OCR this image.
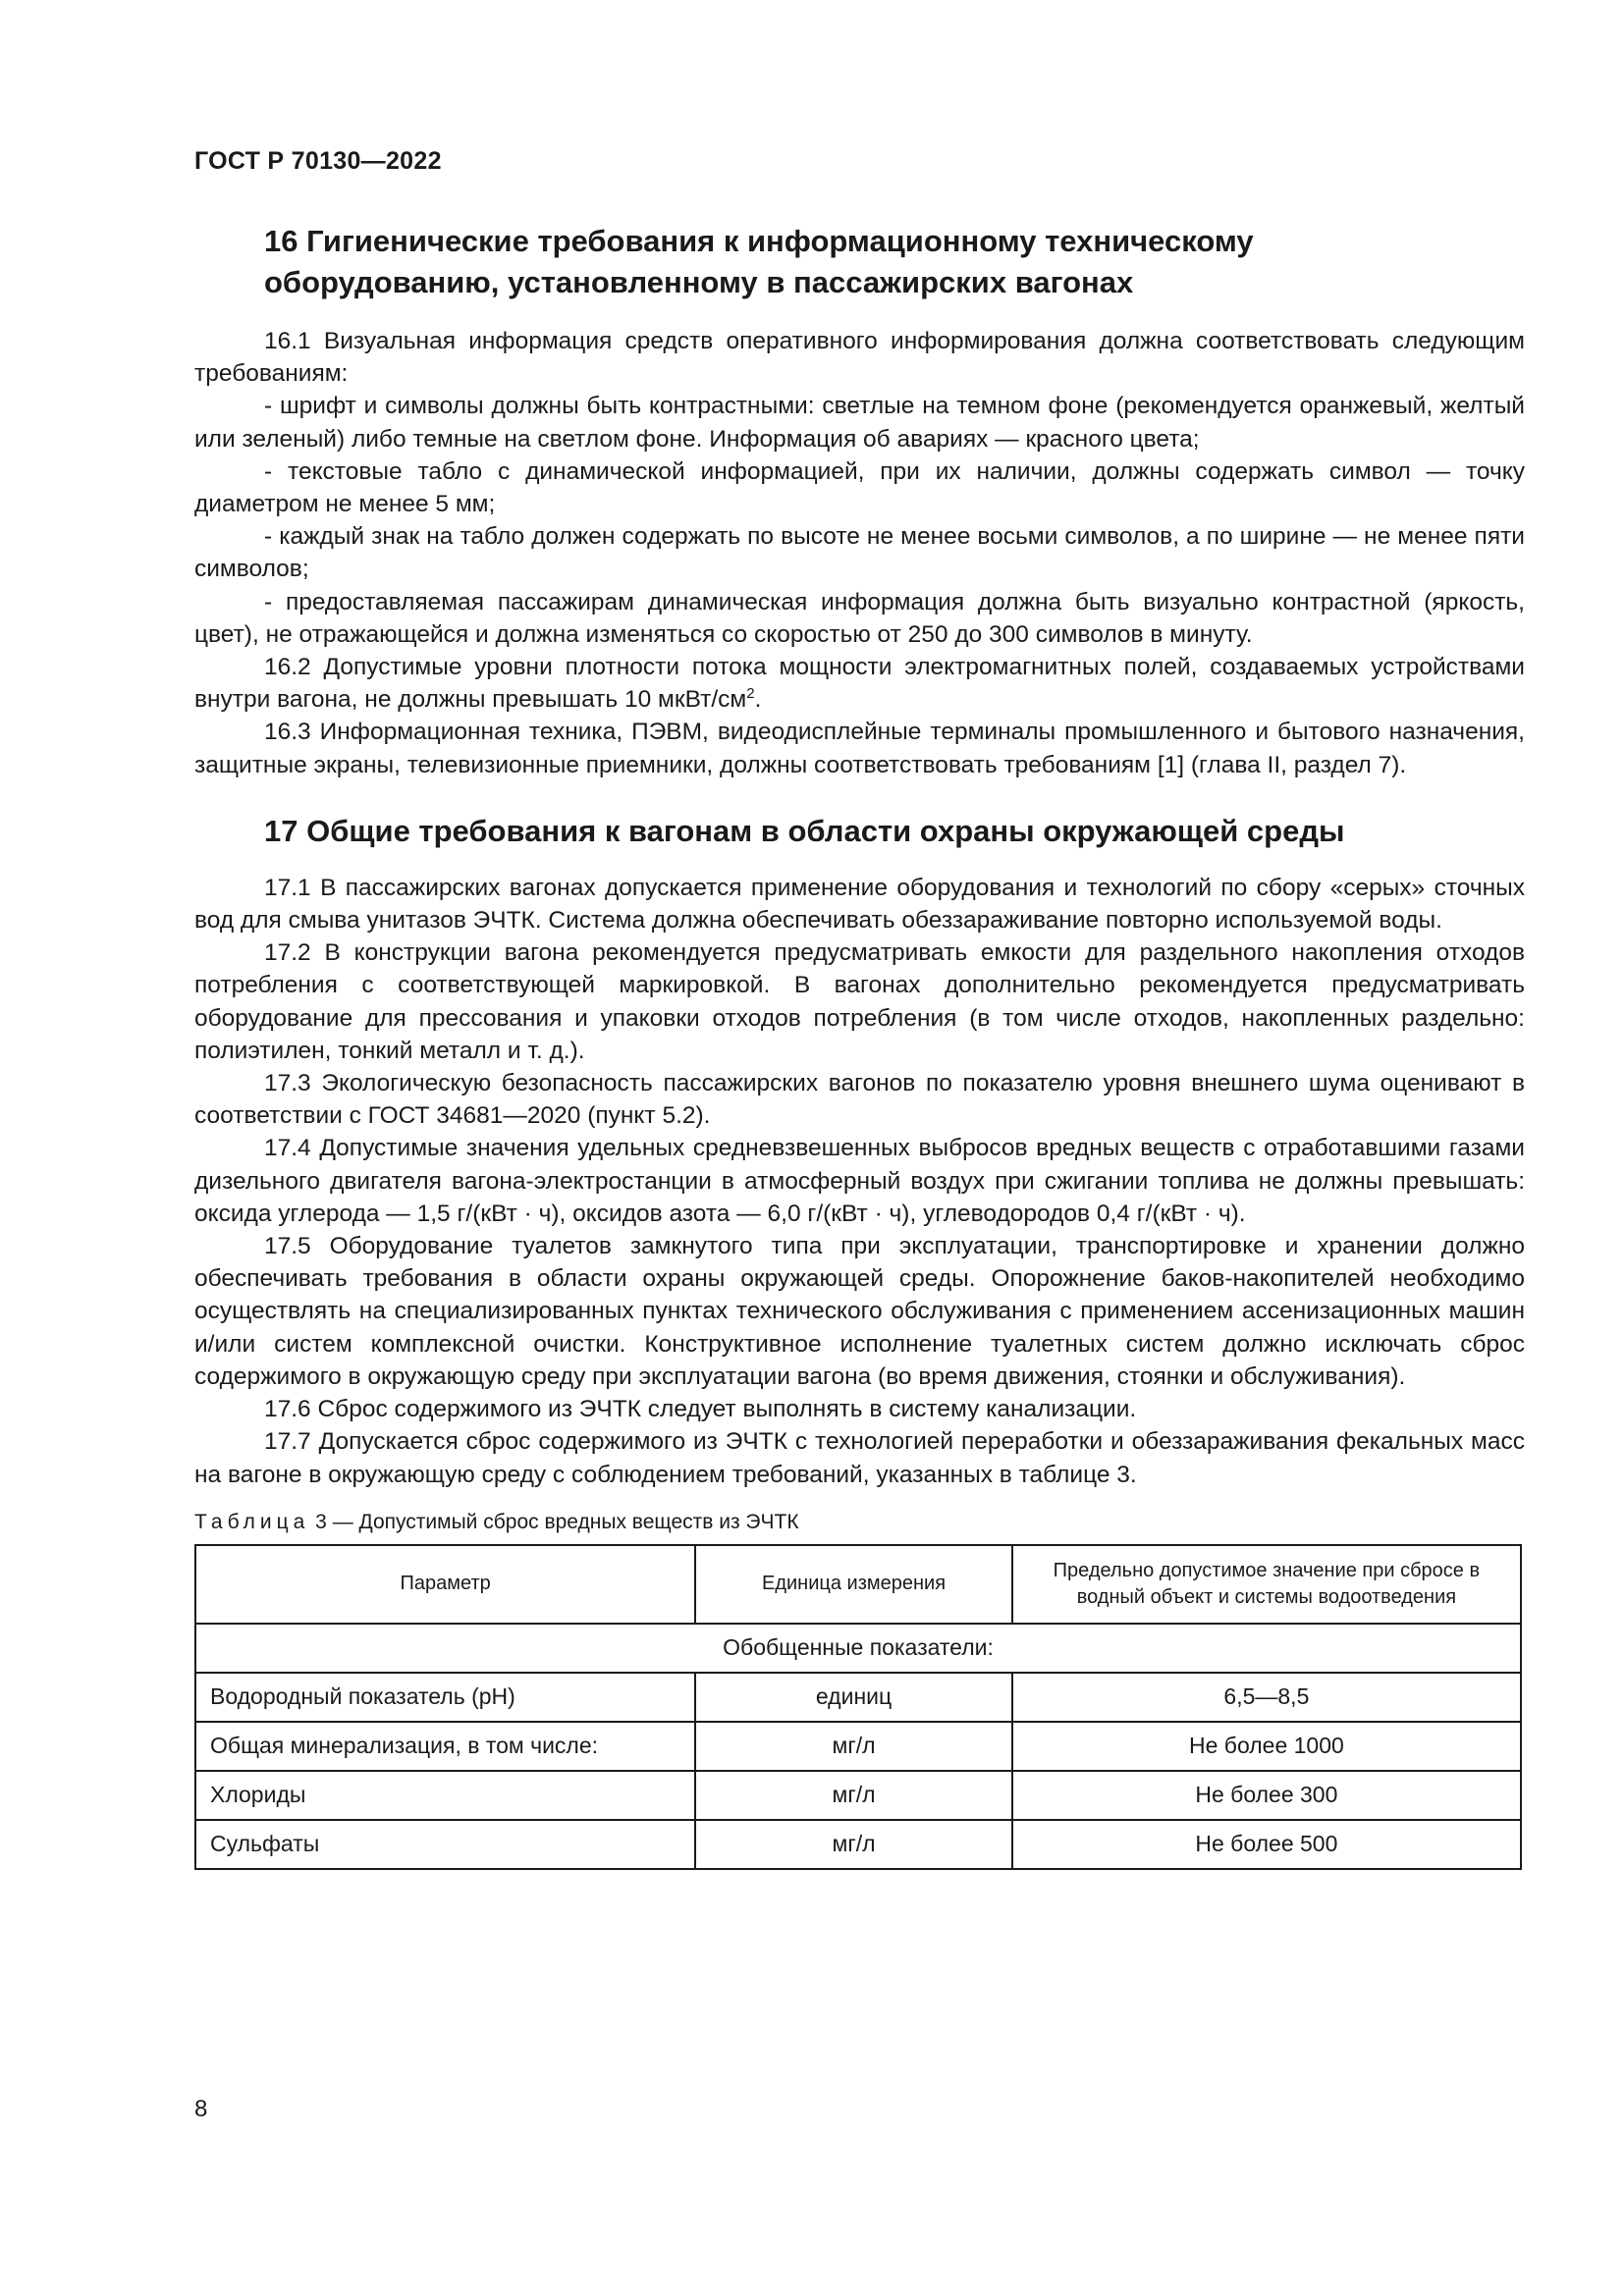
ГОСТ Р 70130—2022
16 Гигиенические требования к информационному техническому
оборудованию, установленному в пассажирских вагонах

16.1 Визуальная информация средств оперативного информирования должна соответствовать следующим требованиям:

- шрифт и символы должны быть контрастными: светлые на темном фоне (рекомендуется оранжевый, желтый или зеленый) либо темные на светлом фоне. Информация об авариях — красного цвета;

- текстовые табло с динамической информацией, при их наличии, должны содержать символ — точку диаметром не менее 5 мм;

- каждый знак на табло должен содержать по высоте не менее восьми символов, а по ширине — не менее пяти символов;

- предоставляемая пассажирам динамическая информация должна быть визуально контрастной (яркость, цвет), не отражающейся и должна изменяться со скоростью от 250 до 300 символов в минуту.

16.2 Допустимые уровни плотности потока мощности электромагнитных полей, создаваемых устройствами внутри вагона, не должны превышать 10 мкВт/$см^2$.

16.3 Информационная техника, ПЭВМ, видеодисплейные терминалы промышленного и бытового назначения, защитные экраны, телевизионные приемники, должны соответствовать требованиям [1] (глава II, раздел 7).

17 Общие требования к вагонам в области охраны окружающей среды

17.1 В пассажирских вагонах допускается применение оборудования и технологий по сбору «серых» сточных вод для смыва унитазов ЭЧТК. Система должна обеспечивать обеззараживание повторно используемой воды.

17.2 В конструкции вагона рекомендуется предусматривать емкости для раздельного накопления отходов потребления с соответствующей маркировкой. В вагонах дополнительно рекомендуется предусматривать оборудование для прессования и упаковки отходов потребления (в том числе отходов, накопленных раздельно: полиэтилен, тонкий металл и т. д.).

17.3 Экологическую безопасность пассажирских вагонов по показателю уровня внешнего шума оценивают в соответствии с ГОСТ 34681—2020 (пункт 5.2).

17.4 Допустимые значения удельных средневзвешенных выбросов вредных веществ с отработавшими газами дизельного двигателя вагона-электростанции в атмосферный воздух при сжигании топлива не должны превышать: оксида углерода — 1,5 г/(кВт · ч), оксидов азота — 6,0 г/(кВт · ч), углеводородов 0,4 г/(кВт · ч).

17.5 Оборудование туалетов замкнутого типа при эксплуатации, транспортировке и хранении должно обеспечивать требования в области охраны окружающей среды. Опорожнение баков-накопителей необходимо осуществлять на специализированных пунктах технического обслуживания с применением ассенизационных машин и/или систем комплексной очистки. Конструктивное исполнение туалетных систем должно исключать сброс содержимого в окружающую среду при эксплуатации вагона (во время движения, стоянки и обслуживания).

17.6 Сброс содержимого из ЭЧТК следует выполнять в систему канализации.

17.7 Допускается сброс содержимого из ЭЧТК с технологией переработки и обеззараживания фекальных масс на вагоне в окружающую среду с соблюдением требований, указанных в таблице 3.

Таблица 3 — Допустимый сброс вредных веществ из ЭЧТК
Параметр	Единица измерения	Предельно допустимое значение при сбросе в водный объект и системы водоотведения
Обобщенные показатели:		
Водородный показатель (pH)	единиц	6,5—8,5
Общая минерализация, в том числе:	мг/л	Не более 1000
Хлориды	мг/л	Не более 300
Сульфаты	мг/л	Не более 500
8
